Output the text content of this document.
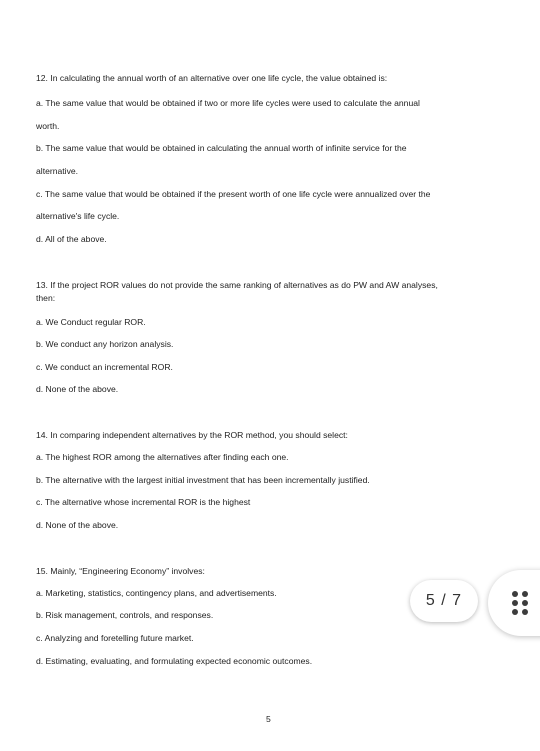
12. In calculating the annual worth of an alternative over one life cycle, the value obtained is:
a. The same value that would be obtained if two or more life cycles were used to calculate the annual
worth.
b. The same value that would be obtained in calculating the annual worth of infinite service for the
alternative.
c. The same value that would be obtained if the present worth of one life cycle were annualized over the
alternative's life cycle.
d. All of the above.
13. If the project ROR values do not provide the same ranking of alternatives as do PW and AW analyses,
then:
a. We Conduct regular ROR.
b. We conduct any horizon analysis.
c. We conduct an incremental ROR.
d. None of the above.
14. In comparing independent alternatives by the ROR method, you should select:
a. The highest ROR among the alternatives after finding each one.
b. The alternative with the largest initial investment that has been incrementally justified.
c. The alternative whose incremental ROR is the highest
d. None of the above.
15. Mainly, “Engineering Economy” involves:
a. Marketing, statistics, contingency plans, and advertisements.
b. Risk management, controls, and responses.
c. Analyzing and foretelling future market.
d. Estimating, evaluating, and formulating expected economic outcomes.
5
5 / 7
